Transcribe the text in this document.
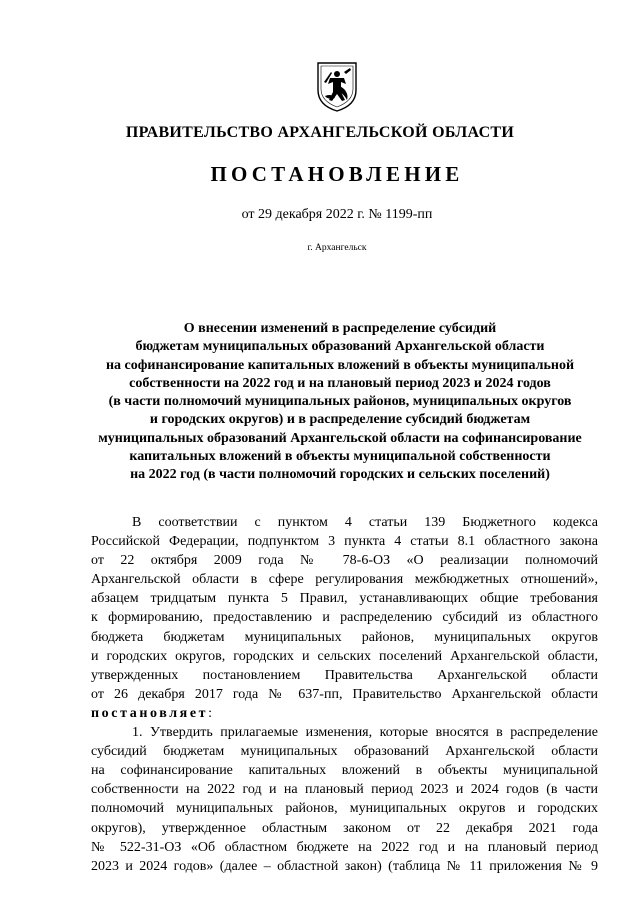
ПРАВИТЕЛЬСТВО АРХАНГЕЛЬСКОЙ ОБЛАСТИ
ПОСТАНОВЛЕНИЕ
от 29 декабря 2022 г. № 1199-пп
г. Архангельск
О внесении изменений в распределение субсидий
бюджетам муниципальных образований Архангельской области
на софинансирование капитальных вложений в объекты муниципальной
собственности на 2022 год и на плановый период 2023 и 2024 годов
(в части полномочий муниципальных районов, муниципальных округов
и городских округов) и в распределение субсидий бюджетам
муниципальных образований Архангельской области на софинансирование
капитальных вложений в объекты муниципальной собственности
на 2022 год (в части полномочий городских и сельских поселений)
В соответствии с пунктом 4 статьи 139 Бюджетного кодекса
Российской Федерации, подпунктом 3 пункта 4 статьи 8.1 областного закона
от 22 октября 2009 года № 78-6-ОЗ «О реализации полномочий
Архангельской области в сфере регулирования межбюджетных отношений»,
абзацем тридцатым пункта 5 Правил, устанавливающих общие требования
к формированию, предоставлению и распределению субсидий из областного
бюджета бюджетам муниципальных районов, муниципальных округов
и городских округов, городских и сельских поселений Архангельской области,
утвержденных постановлением Правительства Архангельской области
от 26 декабря 2017 года № 637-пп, Правительство Архангельской области
постановляет:
1. Утвердить прилагаемые изменения, которые вносятся в распределение
субсидий бюджетам муниципальных образований Архангельской области
на софинансирование капитальных вложений в объекты муниципальной
собственности на 2022 год и на плановый период 2023 и 2024 годов (в части
полномочий муниципальных районов, муниципальных округов и городских
округов), утвержденное областным законом от 22 декабря 2021 года
№ 522-31-ОЗ «Об областном бюджете на 2022 год и на плановый период
2023 и 2024 годов» (далее – областной закон) (таблица № 11 приложения № 9
